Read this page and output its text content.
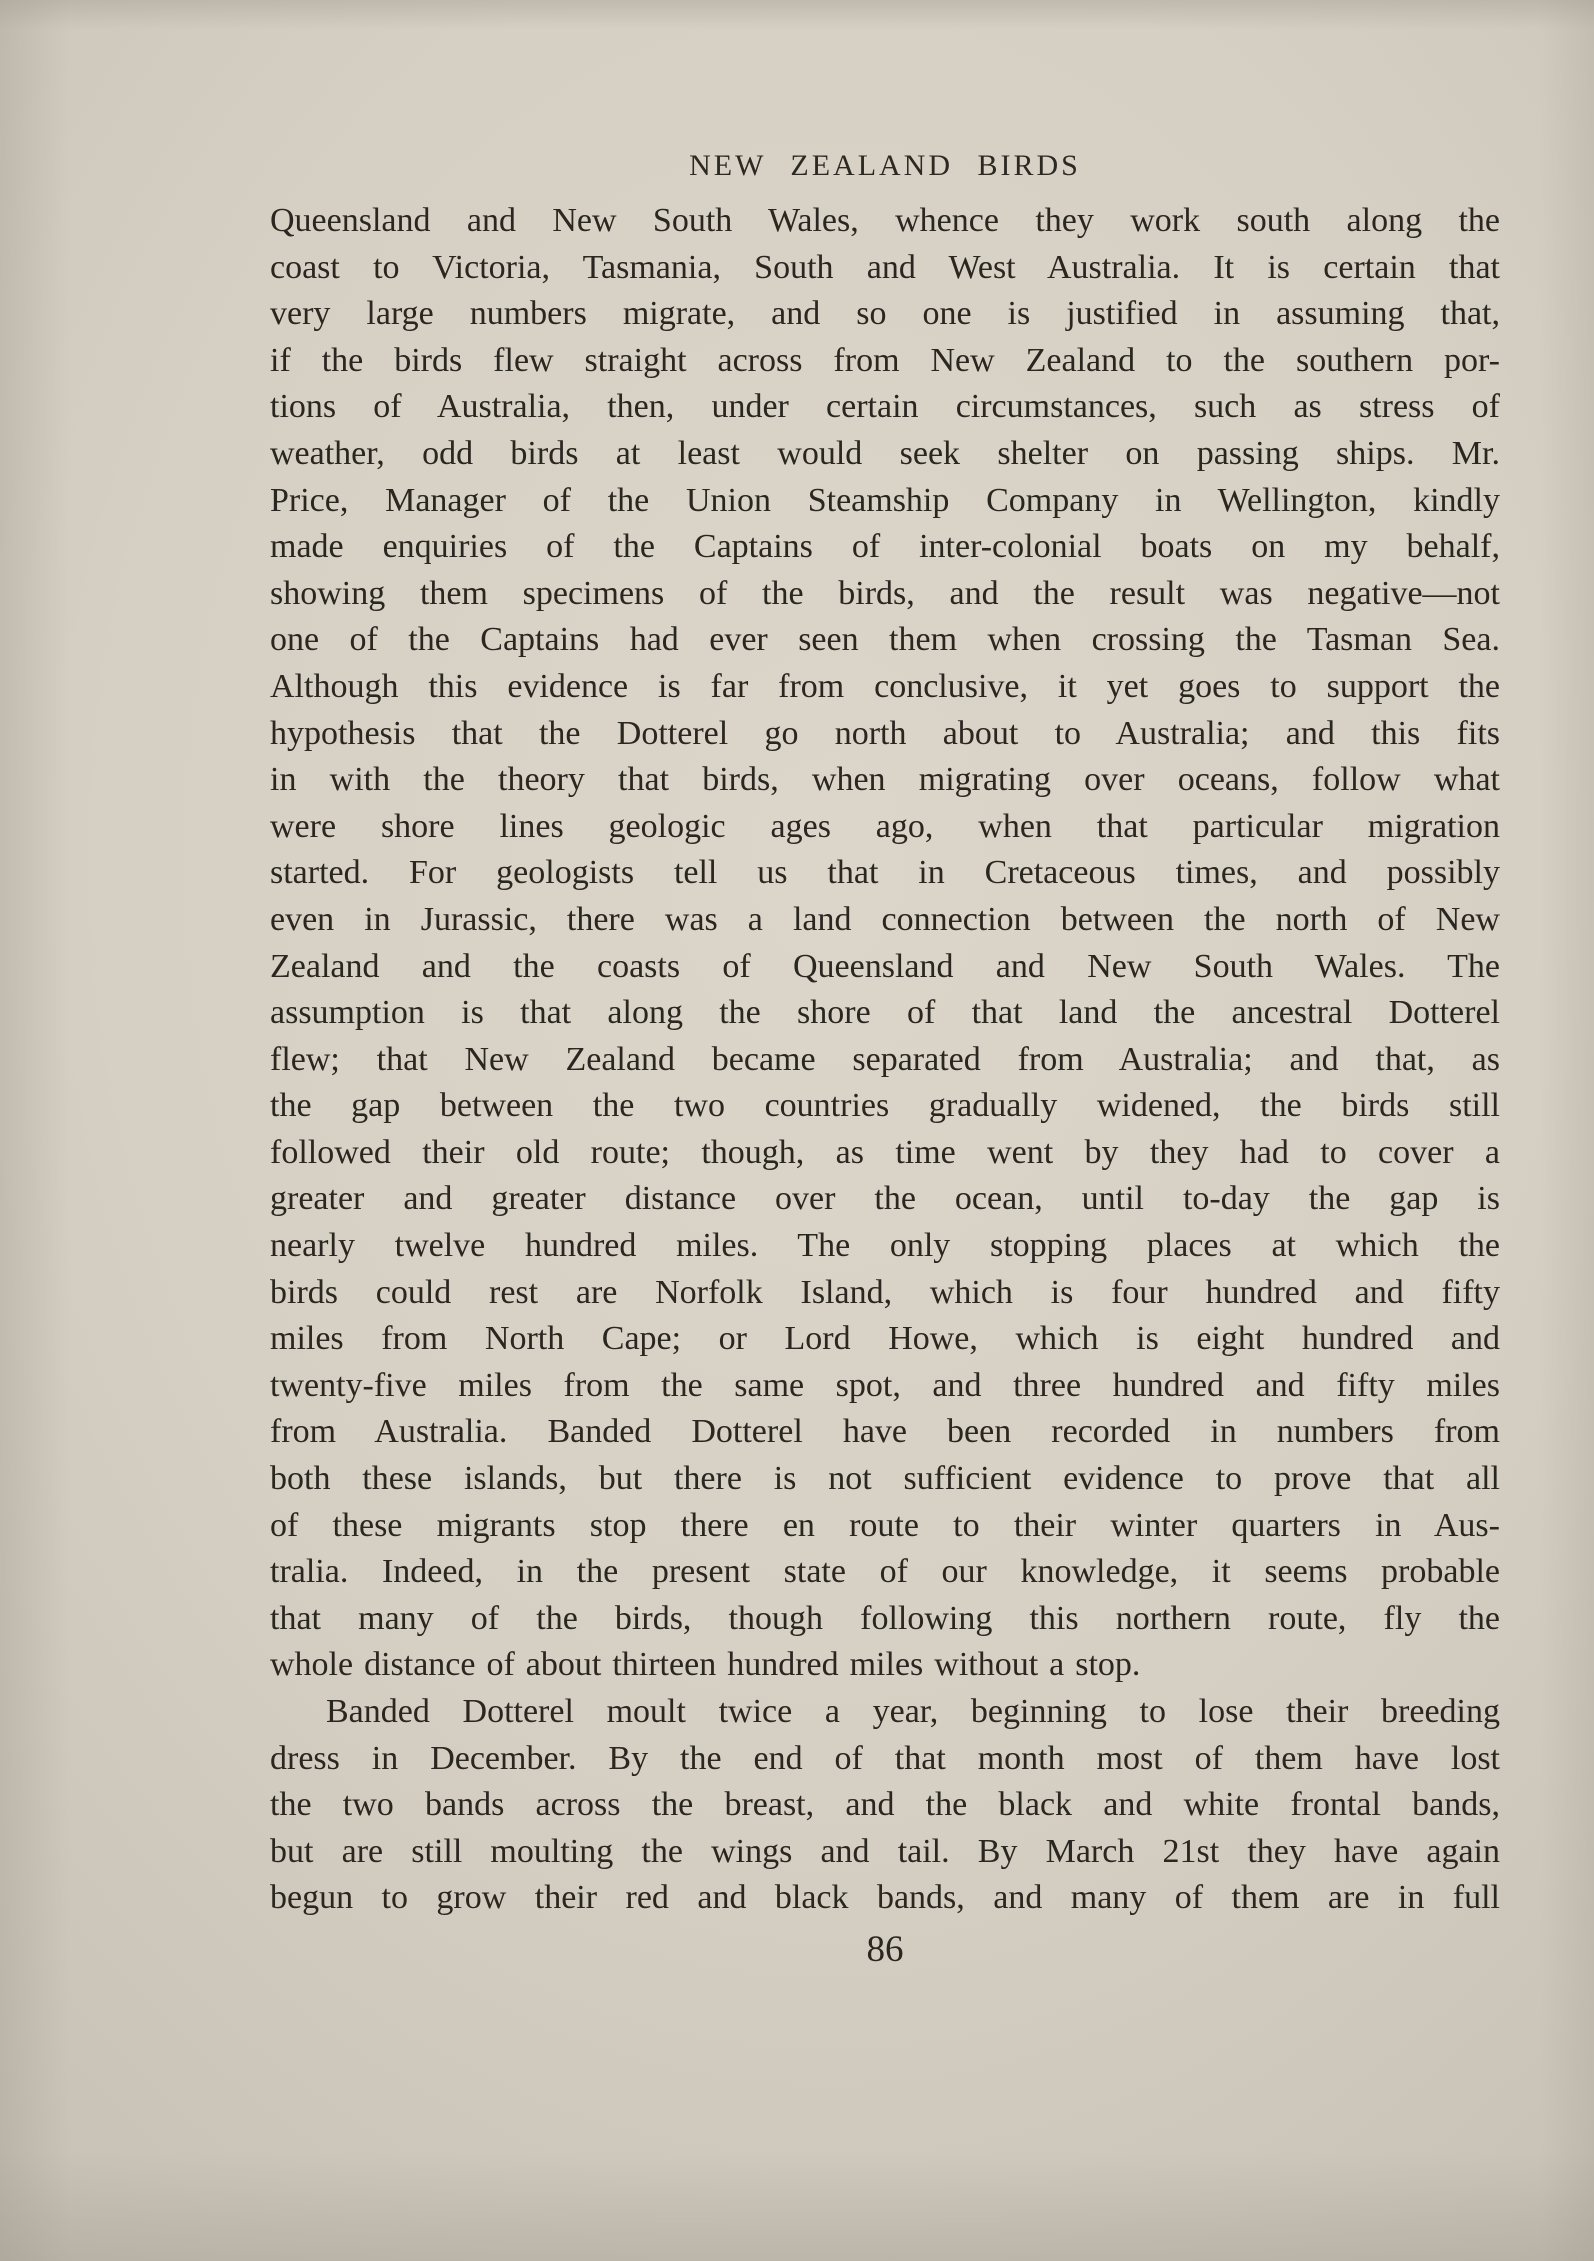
NEW ZEALAND BIRDS
Queensland and New South Wales, whence they work south along the
coast to Victoria, Tasmania, South and West Australia. It is certain that
very large numbers migrate, and so one is justified in assuming that,
if the birds flew straight across from New Zealand to the southern por-
tions of Australia, then, under certain circumstances, such as stress of
weather, odd birds at least would seek shelter on passing ships. Mr.
Price, Manager of the Union Steamship Company in Wellington, kindly
made enquiries of the Captains of inter-colonial boats on my behalf,
showing them specimens of the birds, and the result was negative—not
one of the Captains had ever seen them when crossing the Tasman Sea.
Although this evidence is far from conclusive, it yet goes to support the
hypothesis that the Dotterel go north about to Australia; and this fits
in with the theory that birds, when migrating over oceans, follow what
were shore lines geologic ages ago, when that particular migration
started. For geologists tell us that in Cretaceous times, and possibly
even in Jurassic, there was a land connection between the north of New
Zealand and the coasts of Queensland and New South Wales. The
assumption is that along the shore of that land the ancestral Dotterel
flew; that New Zealand became separated from Australia; and that, as
the gap between the two countries gradually widened, the birds still
followed their old route; though, as time went by they had to cover a
greater and greater distance over the ocean, until to-day the gap is
nearly twelve hundred miles. The only stopping places at which the
birds could rest are Norfolk Island, which is four hundred and fifty
miles from North Cape; or Lord Howe, which is eight hundred and
twenty-five miles from the same spot, and three hundred and fifty miles
from Australia. Banded Dotterel have been recorded in numbers from
both these islands, but there is not sufficient evidence to prove that all
of these migrants stop there en route to their winter quarters in Aus-
tralia. Indeed, in the present state of our knowledge, it seems probable
that many of the birds, though following this northern route, fly the
whole distance of about thirteen hundred miles without a stop.
Banded Dotterel moult twice a year, beginning to lose their breeding
dress in December. By the end of that month most of them have lost
the two bands across the breast, and the black and white frontal bands,
but are still moulting the wings and tail. By March 21st they have again
begun to grow their red and black bands, and many of them are in full
86
